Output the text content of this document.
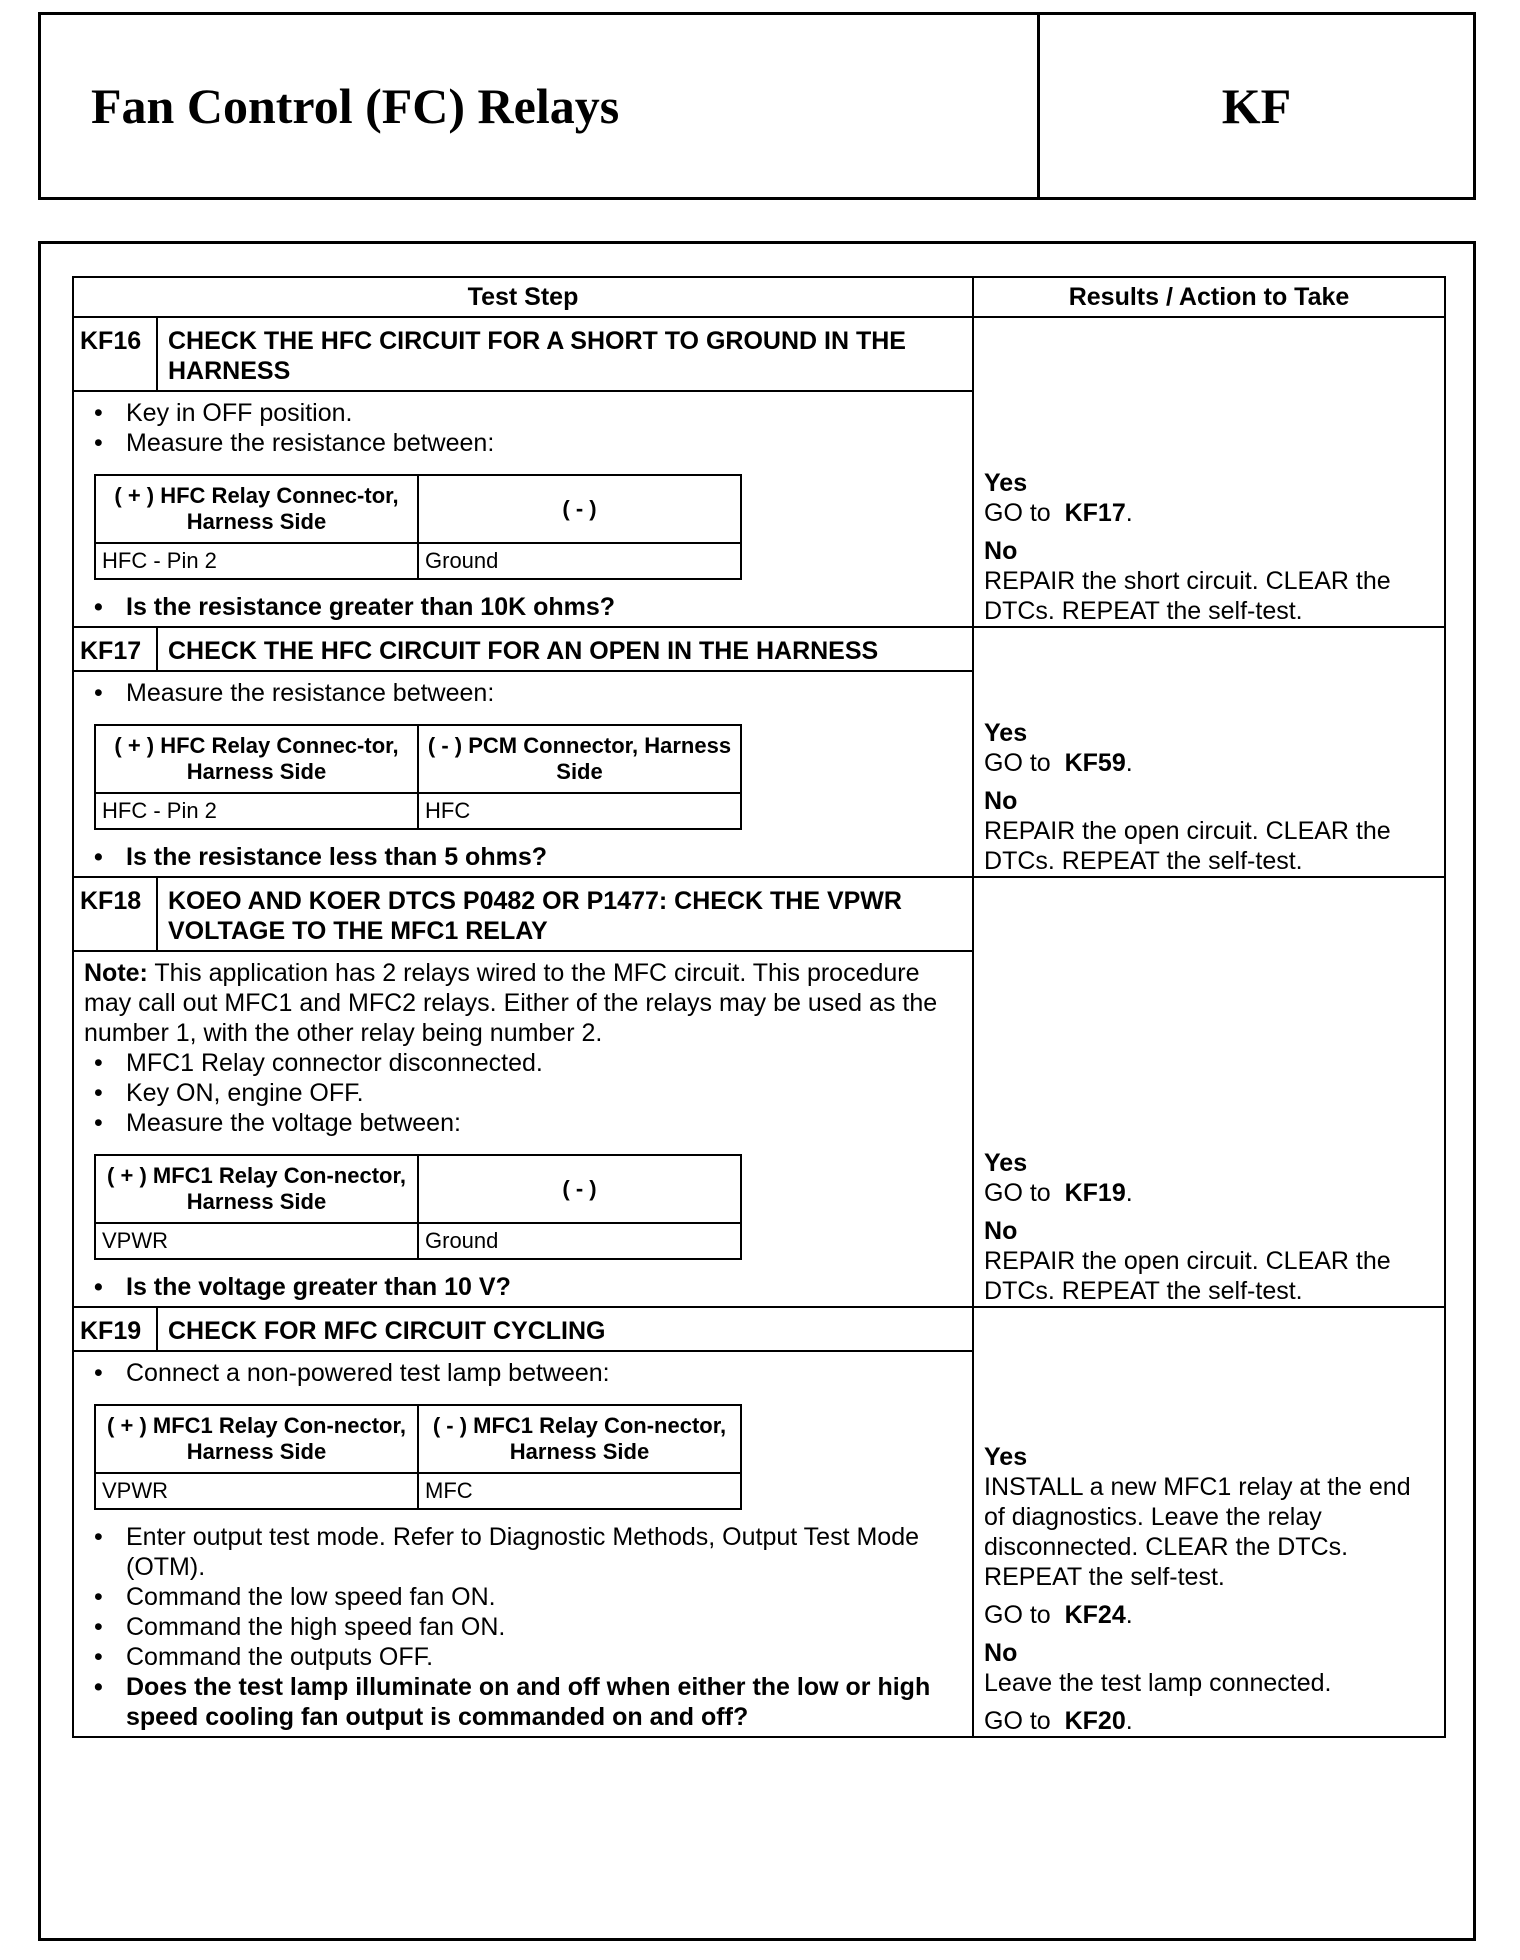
Fan Control (FC) Relays	KF
Test Step	Results / Action to Take
KF16	CHECK THE HFC CIRCUIT FOR A SHORT TO GROUND IN THE HARNESS	
Yes
GO to KF17.
No
REPAIR the short circuit. CLEAR the DTCs. REPEAT the self-test.

• Key in OFF position.
• Measure the resistance between:
( + ) HFC Relay Connec-tor, Harness Side	( - )
HFC - Pin 2	Ground
• Is the resistance greater than 10K ohms?

KF17	CHECK THE HFC CIRCUIT FOR AN OPEN IN THE HARNESS	
Yes
GO to KF59.
No
REPAIR the open circuit. CLEAR the DTCs. REPEAT the self-test.

• Measure the resistance between:
( + ) HFC Relay Connec-tor, Harness Side	( - ) PCM Connector, Harness Side
HFC - Pin 2	HFC
• Is the resistance less than 5 ohms?

KF18	KOEO AND KOER DTCS P0482 OR P1477: CHECK THE VPWR VOLTAGE TO THE MFC1 RELAY	
Yes
GO to KF19.
No
REPAIR the open circuit. CLEAR the DTCs. REPEAT the self-test.

Note: This application has 2 relays wired to the MFC circuit. This procedure may call out MFC1 and MFC2 relays. Either of the relays may be used as the number 1, with the other relay being number 2.

• MFC1 Relay connector disconnected.
• Key ON, engine OFF.
• Measure the voltage between:
( + ) MFC1 Relay Con-nector, Harness Side	( - )
VPWR	Ground
• Is the voltage greater than 10 V?

KF19	CHECK FOR MFC CIRCUIT CYCLING	
Yes
INSTALL a new MFC1 relay at the end of diagnostics. Leave the relay disconnected. CLEAR the DTCs. REPEAT the self-test.
GO to KF24.
No
Leave the test lamp connected.
GO to KF20.

• Connect a non-powered test lamp between:
( + ) MFC1 Relay Con-nector, Harness Side	( - ) MFC1 Relay Con-nector, Harness Side
VPWR	MFC
• Enter output test mode. Refer to Diagnostic Methods, Output Test Mode (OTM).
• Command the low speed fan ON.
• Command the high speed fan ON.
• Command the outputs OFF.
• Does the test lamp illuminate on and off when either the low or high speed cooling fan output is commanded on and off?
